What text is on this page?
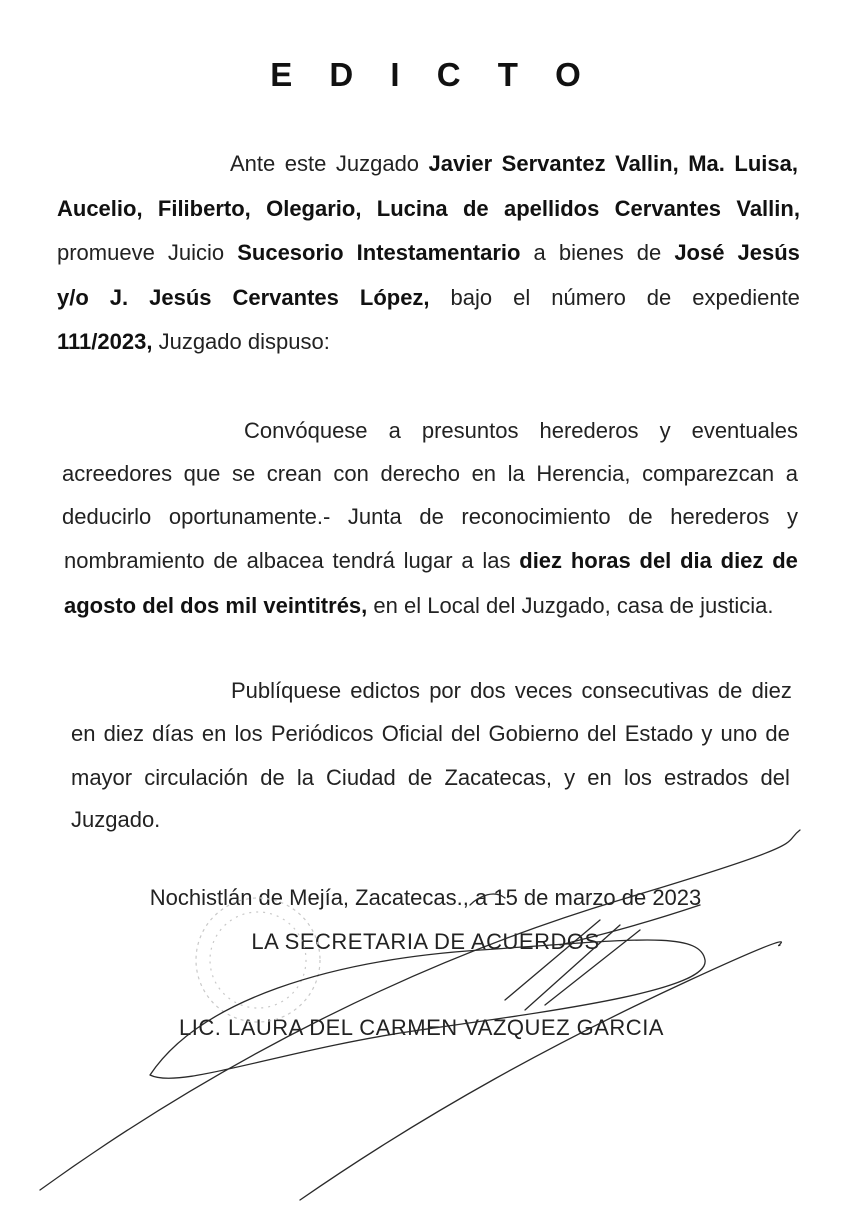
E D I C T O
Ante este Juzgado Javier Servantez Vallin, Ma. Luisa,
Aucelio, Filiberto, Olegario, Lucina de apellidos Cervantes Vallin,
promueve Juicio Sucesorio Intestamentario a bienes de José Jesús
y/o J. Jesús Cervantes López, bajo el número de expediente
111/2023, Juzgado dispuso:
Convóquese a presuntos herederos y eventuales
acreedores que se crean con derecho en la Herencia, comparezcan a
deducirlo oportunamente.- Junta de reconocimiento de herederos y
nombramiento de albacea tendrá lugar a las diez horas del dia diez de
agosto del dos mil veintitrés, en el Local del Juzgado, casa de justicia.
Publíquese edictos por dos veces consecutivas de diez
en diez días en los Periódicos Oficial del Gobierno del Estado y uno de
mayor circulación de la Ciudad de Zacatecas, y en los estrados del
Juzgado.
Nochistlán de Mejía, Zacatecas., a 15 de marzo de 2023
LA SECRETARIA DE ACUERDOS
LIC. LAURA DEL CARMEN VAZQUEZ GARCIA
